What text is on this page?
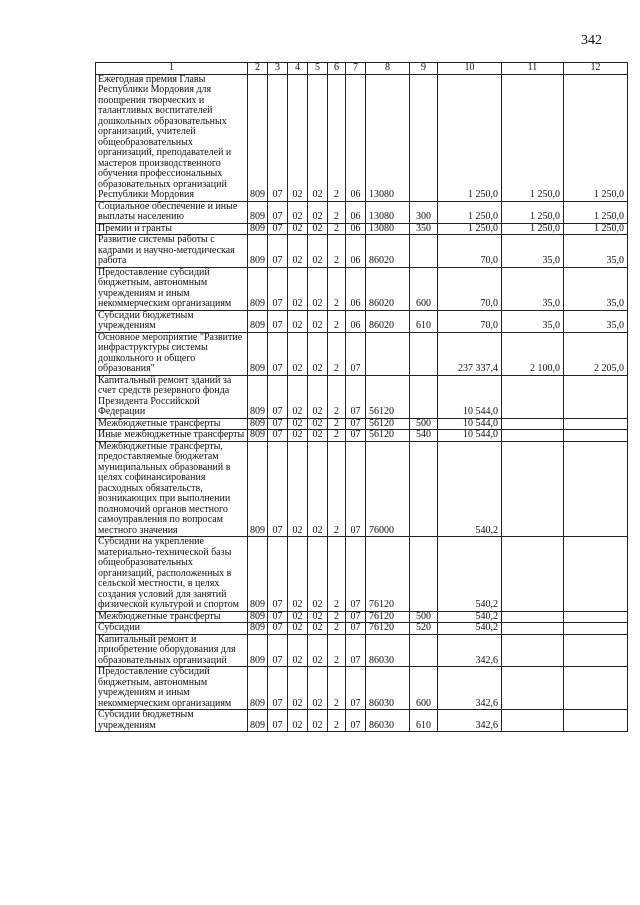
342
1	2	3	4	5	6	7	8	9	10	11	12
Ежегодная премия Главы Республики Мордовия для поощрения творческих и талантливых воспитателей дошкольных образовательных организаций, учителей общеобразовательных организаций, преподавателей и мастеров производственного обучения профессиональных образовательных организаций Республики Мордовия	809	07	02	02	2	06	13080		1 250,0	1 250,0	1 250,0
Социальное обеспечение и иные выплаты населению	809	07	02	02	2	06	13080	300	1 250,0	1 250,0	1 250,0
Премии и гранты	809	07	02	02	2	06	13080	350	1 250,0	1 250,0	1 250,0
Развитие системы работы с кадрами и научно-методическая работа	809	07	02	02	2	06	86020		70,0	35,0	35,0
Предоставление субсидий бюджетным, автономным учреждениям и иным некоммерческим организациям	809	07	02	02	2	06	86020	600	70,0	35,0	35,0
Субсидии бюджетным учреждениям	809	07	02	02	2	06	86020	610	70,0	35,0	35,0
Основное мероприятие "Развитие инфраструктуры системы дошкольного и общего образования"	809	07	02	02	2	07			237 337,4	2 100,0	2 205,0
Капитальный ремонт зданий за счет средств резервного фонда Президента Российской Федерации	809	07	02	02	2	07	56120		10 544,0		
Межбюджетные трансферты	809	07	02	02	2	07	56120	500	10 544,0		
Иные межбюджетные трансферты	809	07	02	02	2	07	56120	540	10 544,0		
Межбюджетные трансферты, предоставляемые бюджетам муниципальных образований в целях софинансирования расходных обязательств, возникающих при выполнении полномочий органов местного самоуправления по вопросам местного значения	809	07	02	02	2	07	76000		540,2		
Субсидии на укрепление материально-технической базы общеобразовательных организаций, расположенных в сельской местности, в целях создания условий для занятий физической культурой и спортом	809	07	02	02	2	07	76120		540,2		
Межбюджетные трансферты	809	07	02	02	2	07	76120	500	540,2		
Субсидии	809	07	02	02	2	07	76120	520	540,2		
Капитальный ремонт и приобретение оборудования для образовательных организаций	809	07	02	02	2	07	86030		342,6		
Предоставление субсидий бюджетным, автономным учреждениям и иным некоммерческим организациям	809	07	02	02	2	07	86030	600	342,6		
Субсидии бюджетным учреждениям	809	07	02	02	2	07	86030	610	342,6		
